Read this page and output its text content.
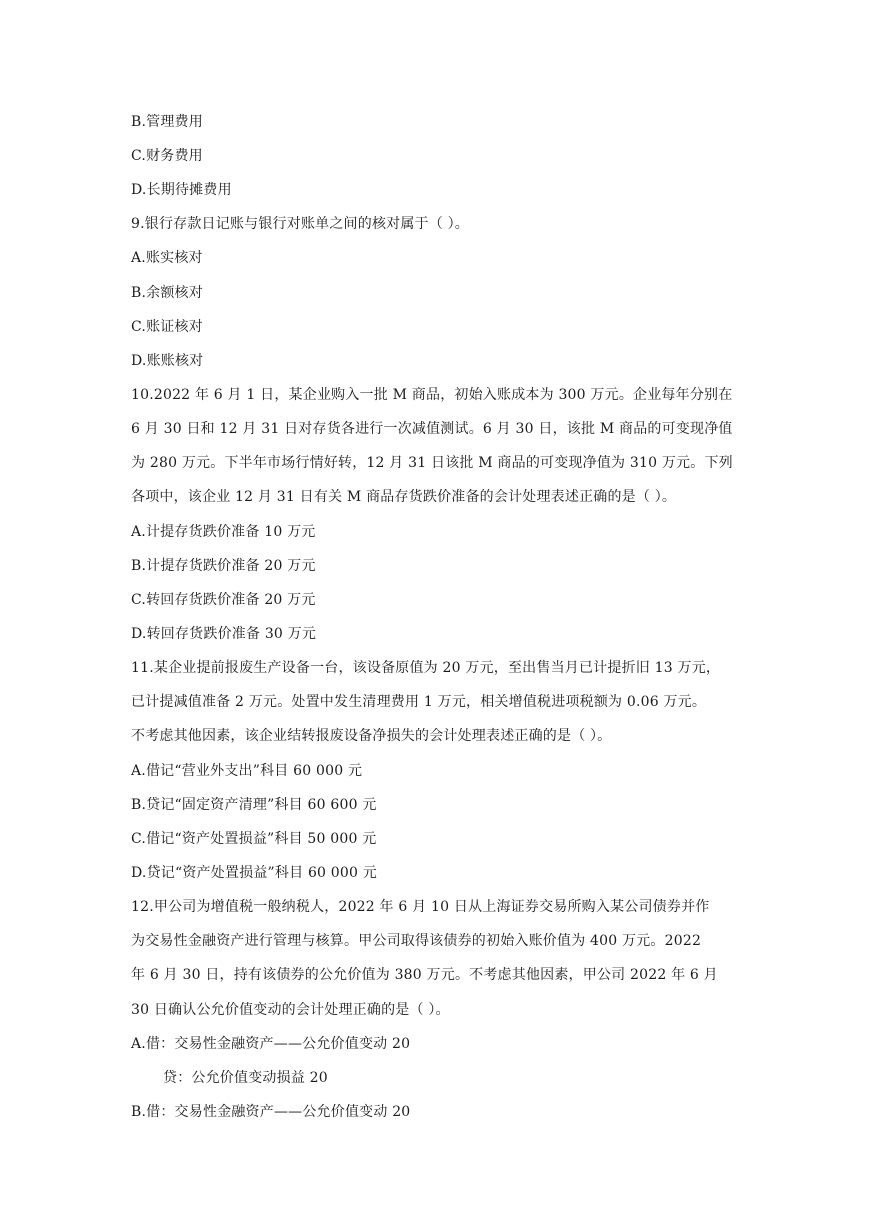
B.管理费用
C.财务费用
D.长期待摊费用
9.银行存款日记账与银行对账单之间的核对属于（ ）。
A.账实核对
B.余额核对
C.账证核对
D.账账核对
10.2022 年 6 月 1 日，某企业购入一批 M 商品，初始入账成本为 300 万元。企业每年分别在
6 月 30 日和 12 月 31 日对存货各进行一次减值测试。6 月 30 日，该批 M 商品的可变现净值
为 280 万元。下半年市场行情好转，12 月 31 日该批 M 商品的可变现净值为 310 万元。下列
各项中，该企业 12 月 31 日有关 M 商品存货跌价准备的会计处理表述正确的是（ ）。
A.计提存货跌价准备 10 万元
B.计提存货跌价准备 20 万元
C.转回存货跌价准备 20 万元
D.转回存货跌价准备 30 万元
11.某企业提前报废生产设备一台，该设备原值为 20 万元，至出售当月已计提折旧 13 万元，
已计提减值准备 2 万元。处置中发生清理费用 1 万元，相关增值税进项税额为 0.06 万元。
不考虑其他因素，该企业结转报废设备净损失的会计处理表述正确的是（ ）。
A.借记“营业外支出”科目 60 000 元
B.贷记“固定资产清理”科目 60 600 元
C.借记“资产处置损益”科目 50 000 元
D.贷记“资产处置损益”科目 60 000 元
12.甲公司为增值税一般纳税人，2022 年 6 月 10 日从上海证券交易所购入某公司债券并作
为交易性金融资产进行管理与核算。甲公司取得该债券的初始入账价值为 400 万元。2022
年 6 月 30 日，持有该债券的公允价值为 380 万元。不考虑其他因素，甲公司 2022 年 6 月
30 日确认公允价值变动的会计处理正确的是（ ）。
A.借：交易性金融资产——公允价值变动 20
贷：公允价值变动损益 20
B.借：交易性金融资产——公允价值变动 20
